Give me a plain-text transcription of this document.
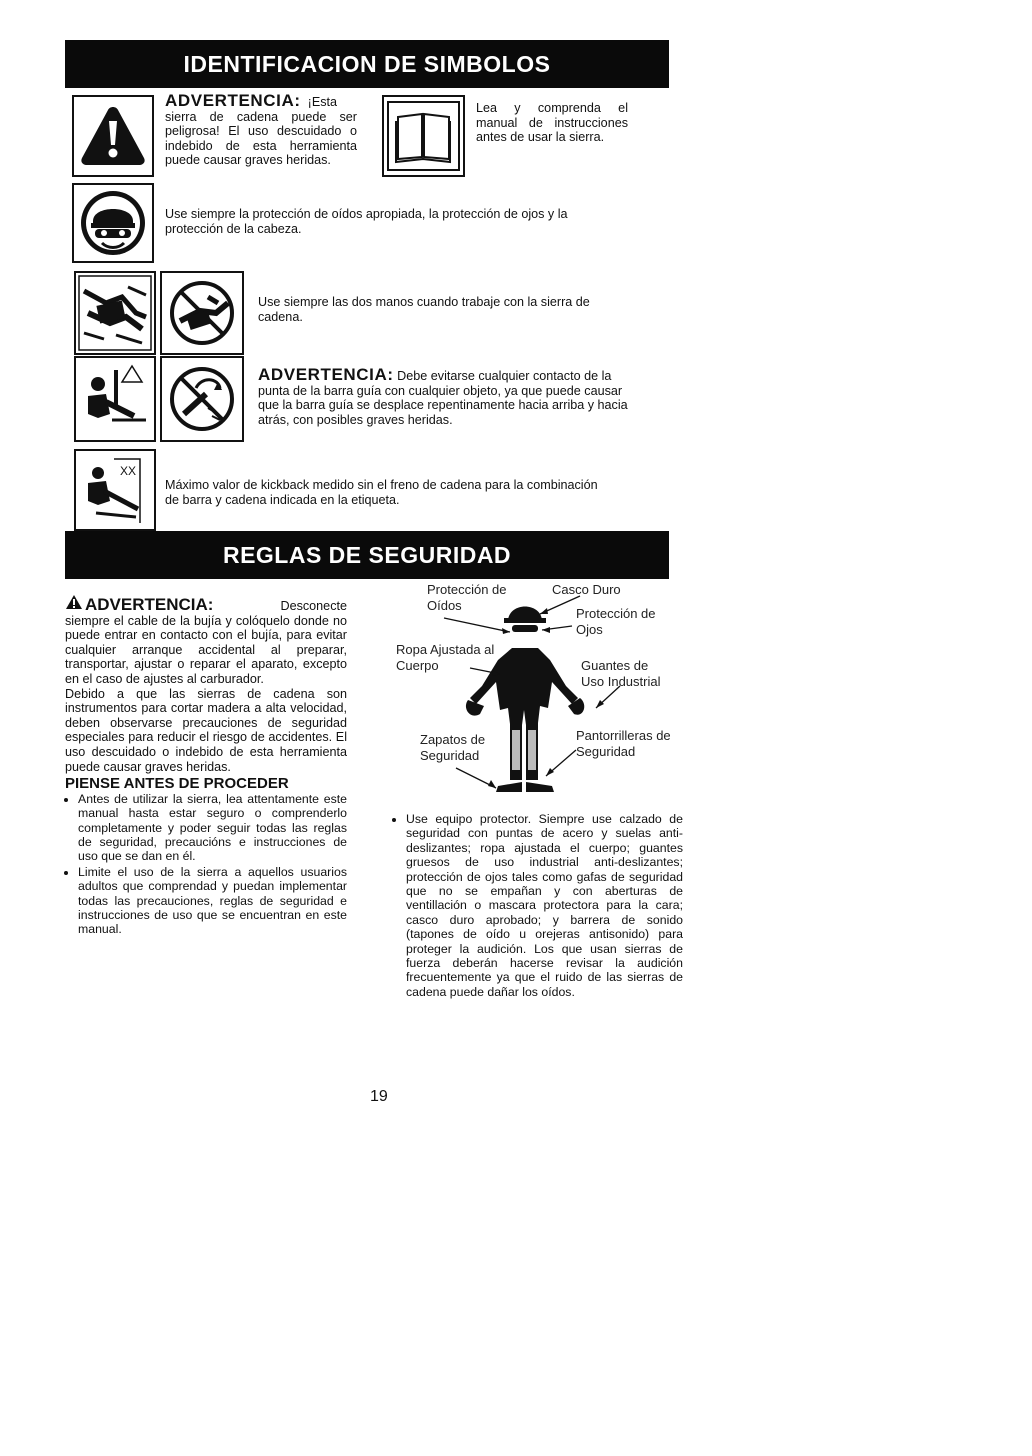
IDENTIFICACION DE SIMBOLOS
ADVERTENCIA: ¡Esta
sierra de cadena puede ser peligrosa! El uso descuidado o indebido de esta herramienta puede causar graves heridas.
Lea y comprenda el manual de instrucciones antes de usar la sierra.
Use siempre la protección de oídos apropiada, la protección de ojos y la protección de la cabeza.
Use siempre las dos manos cuando trabaje con la sierra de cadena.
ADVERTENCIA: Debe evitarse cualquier contacto de la punta de la barra guía con cualquier objeto, ya que puede causar que la barra guía se desplace repentinamente hacia arriba y hacia atrás, con posibles graves heridas.
XX
Máximo valor de kickback medido sin el freno de cadena para la combinación de barra y cadena indicada en la etiqueta.
REGLAS DE SEGURIDAD
ADVERTENCIA:	Desconecte
siempre el cable de la bujía y colóquelo donde no puede entrar en contacto con el bujía, para evitar cualquier arranque accidental al preparar, transportar, ajustar o reparar el aparato, excepto en el caso de ajustes al carburador.
Debido a que las sierras de cadena son instrumentos para cortar madera a alta velocidad, deben observarse precauciones de seguridad especiales para reducir el riesgo de accidentes. El uso descuidado o indebido de esta herramienta puede causar graves heridas.
PIENSE ANTES DE PROCEDER
• Antes de utilizar la sierra, lea attentamente este manual hasta estar seguro o comprenderlo completamente y poder seguir todas las reglas de seguridad, precaucións e instrucciones de uso que se dan en él.
• Limite el uso de la sierra a aquellos usuarios adultos que comprendad y puedan implementar todas las precauciones, reglas de seguridad e instrucciones de uso que se encuentran en este manual.
Protección de Oídos
Casco Duro
Protección de Ojos
Ropa Ajustada al Cuerpo	Guantes de Uso Industrial
Zapatos de Seguridad
Pantorrilleras de Seguridad
• Use equipo protector. Siempre use calzado de seguridad con puntas de acero y suelas anti-deslizantes; ropa ajustada el cuerpo; guantes gruesos de uso industrial anti-deslizantes; protección de ojos tales como gafas de seguridad que no se empañan y con aberturas de ventillación o mascara protectora para la cara; casco duro aprobado; y barrera de sonido (tapones de oído u orejeras antisonido) para proteger la audición. Los que usan sierras de fuerza deberán hacerse revisar la audición frecuentemente ya que el ruido de las sierras de cadena puede dañar los oídos.
19
